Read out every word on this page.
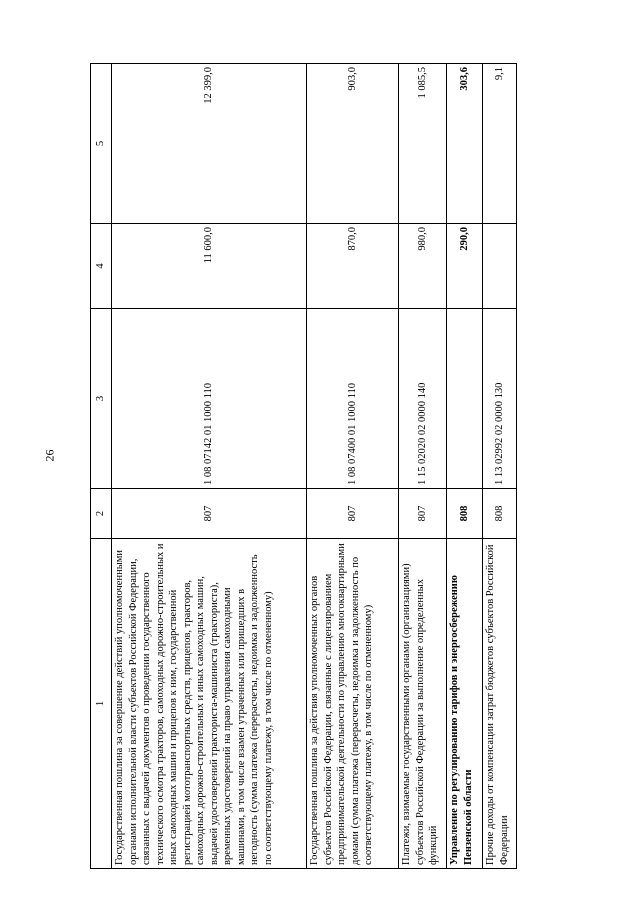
26
1	2	3	4	5
Государственная пошлина за совершение действий уполномоченными органами исполнительной власти субъектов Российской Федерации, связанных с выдачей документов о проведении государственного технического осмотра тракторов, самоходных дорожно-строительных и иных самоходных машин и прицепов к ним, государственной регистрацией мототранспортных средств, прицепов, тракторов, самоходных дорожно-строительных и иных самоходных машин, выдачей удостоверений тракториста-машиниста (тракториста), временных удостоверений на право управления самоходными машинами, в том числе взамен утраченных или пришедших в негодность (сумма платежа (перерасчеты, недоимка и задолженность по соответствующему платежу, в том числе по отмененному)	807	1 08 07142 01 1000 110	11 600,0	12 399,0
Государственная пошлина за действия уполномоченных органов субъектов Российской Федерации, связанные с лицензированием предпринимательской деятельности по управлению многоквартирными домами (сумма платежа (перерасчеты, недоимка и задолженность по соответствующему платежу, в том числе по отмененному)	807	1 08 07400 01 1000 110	870,0	903,0
Платежи, взимаемые государственными органами (организациями) субъектов Российской Федерации за выполнение определенных функций	807	1 15 02020 02 0000 140	980,0	1 085,5
Управление по регулированию тарифов и энергосбережению Пензенской области	808		290,0	303,6
Прочие доходы от компенсации затрат бюджетов субъектов Российской Федерации	808	1 13 02992 02 0000 130		9,1
